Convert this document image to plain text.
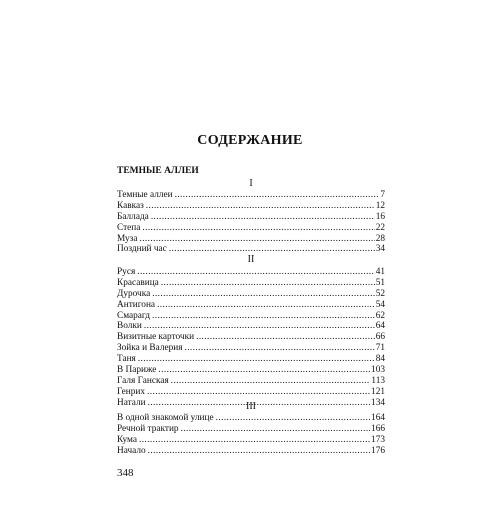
СОДЕРЖАНИЕ
ТЕМНЫЕ АЛЛЕИ
I
Темные аллеи .....	7
Кавказ .....	12
Баллада .....	16
Степа .....	22
Муза .....	28
Поздний час .....	34
II
Руся .....	41
Красавица .....	51
Дурочка .....	52
Антигона .....	54
Смарагд .....	62
Волки .....	64
Визитные карточки .....	66
Зойка и Валерия .....	71
Таня .....	84
В Париже .....	103
Галя Ганская .....	113
Генрих .....	121
Натали .....	134
III
В одной знакомой улице .....	164
Речной трактир .....	166
Кума .....	173
Начало .....	176
348
